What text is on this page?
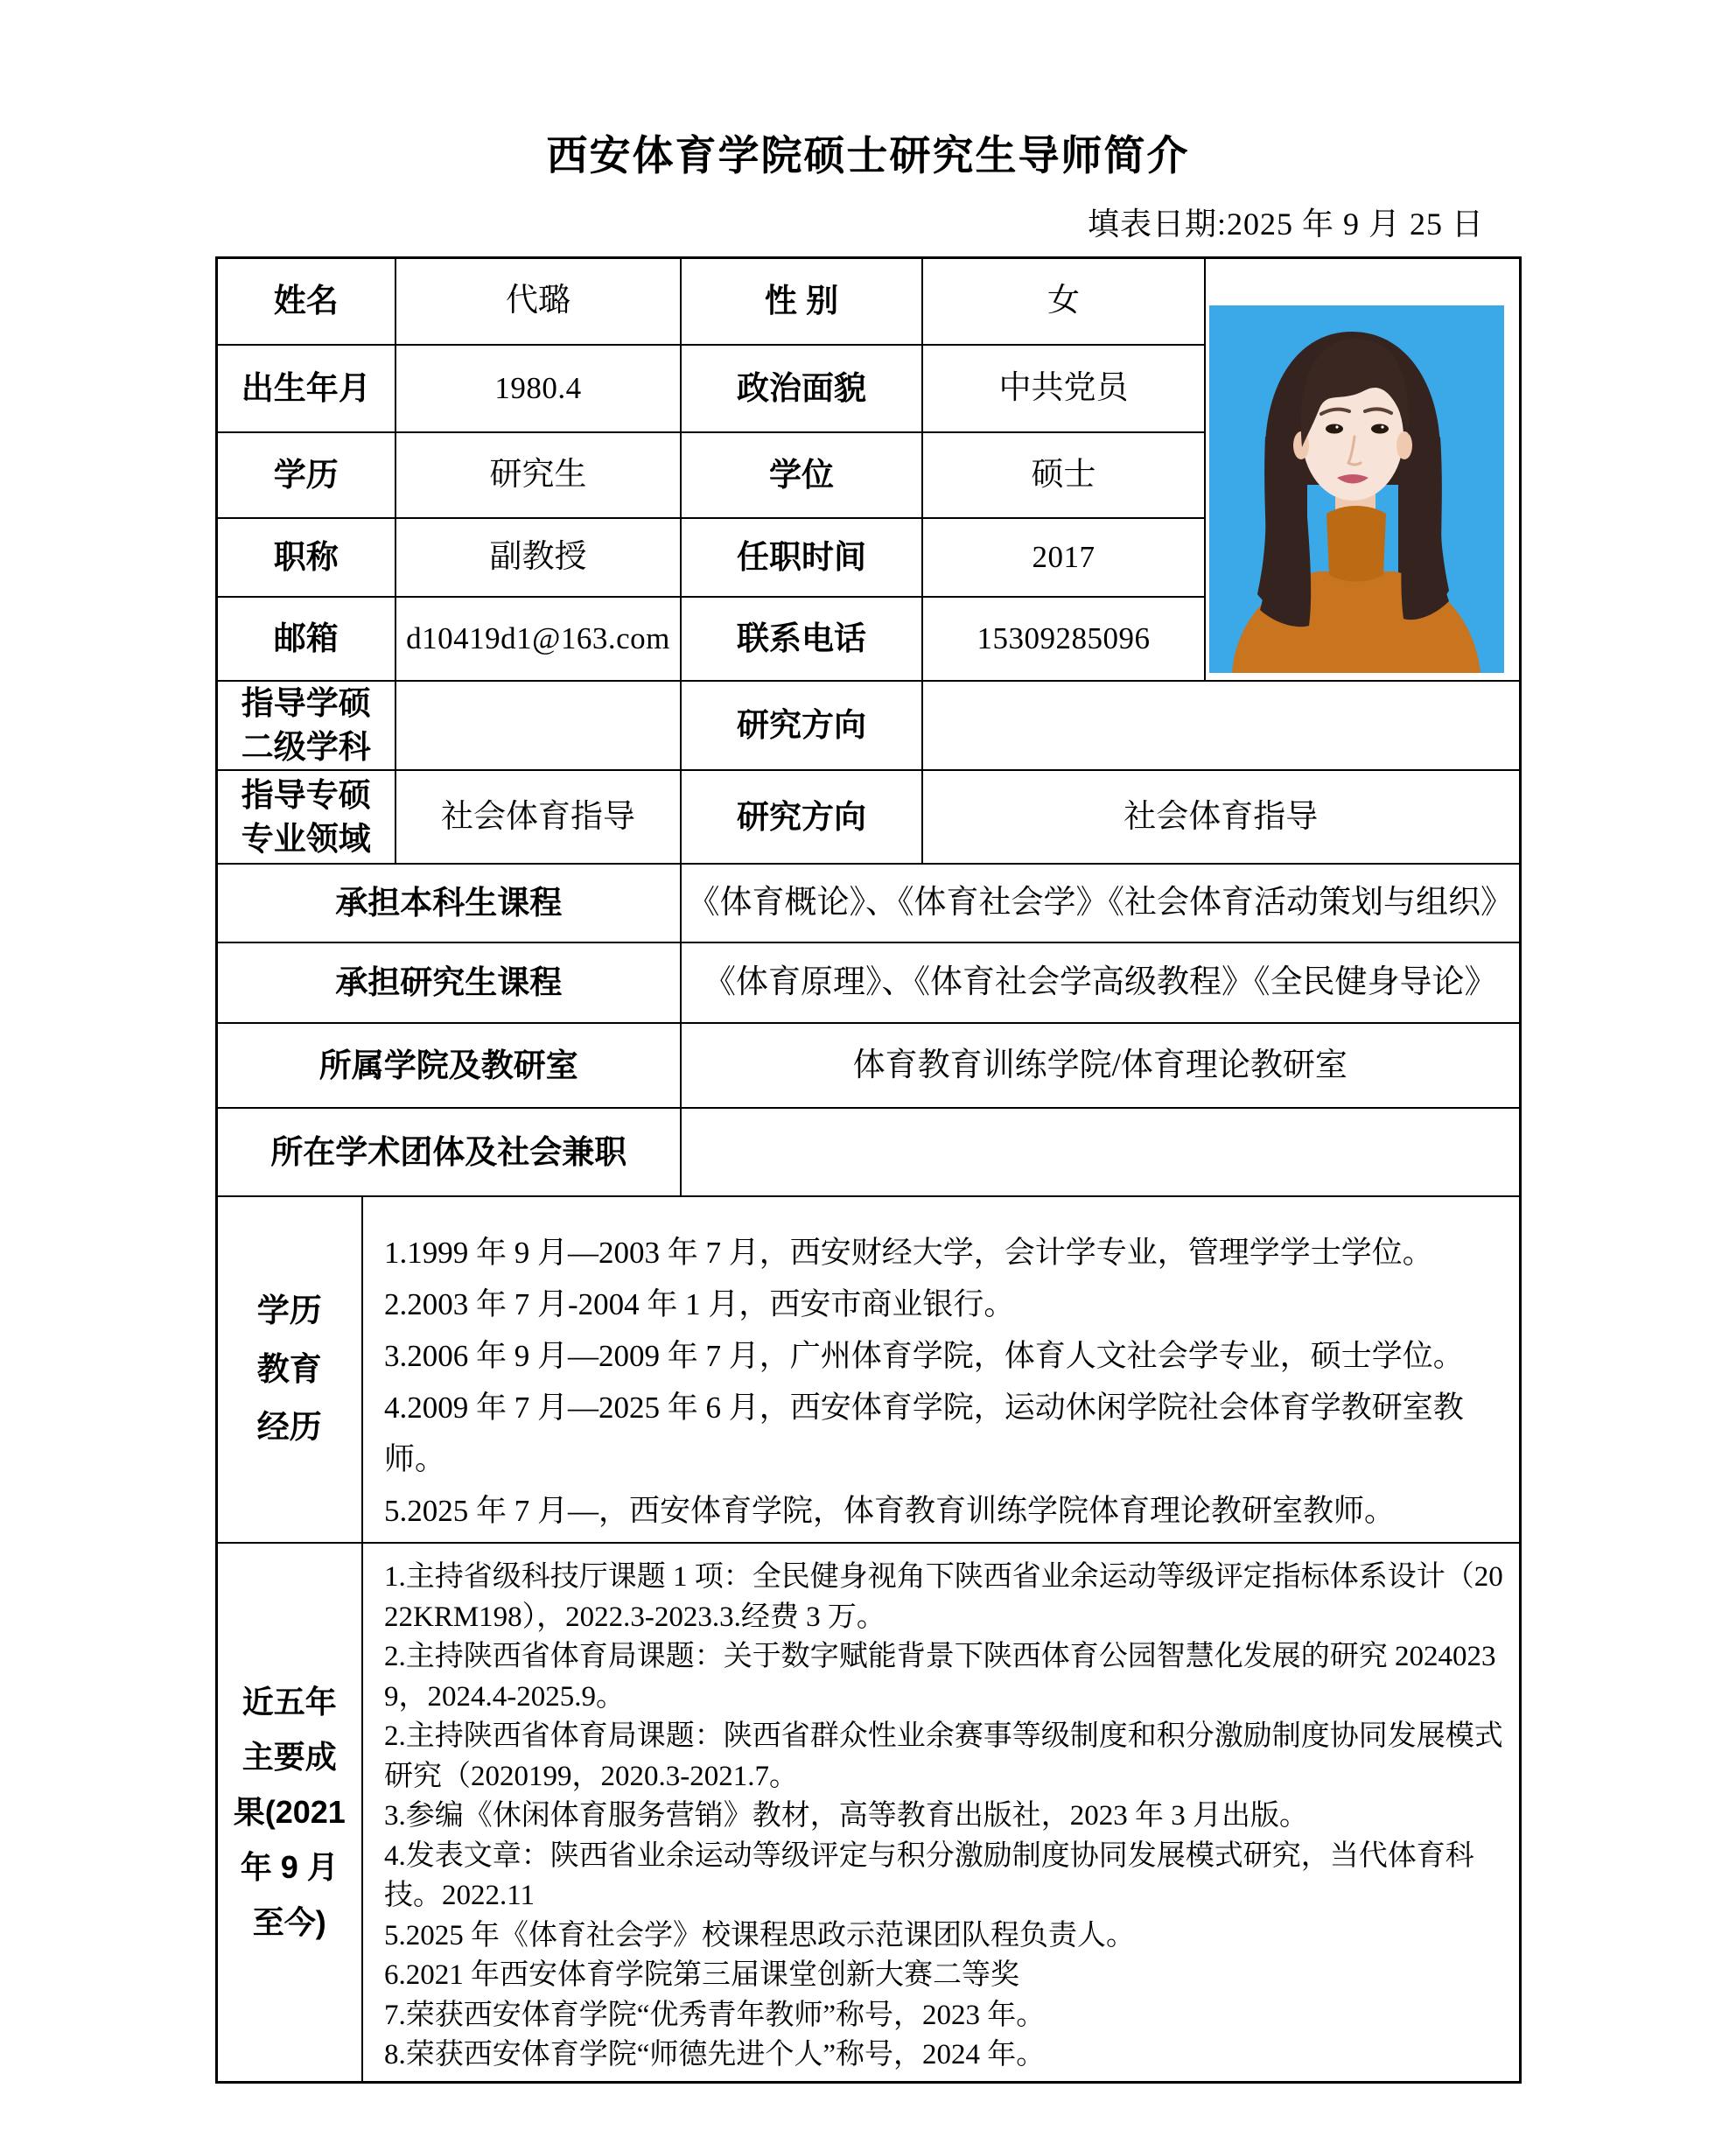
西安体育学院硕士研究生导师简介
填表日期:2025 年 9 月 25 日
姓名		代璐	性 别	女	

出生年月		1980.4	政治面貌	中共党员	
学历		研究生	学位	硕士	
职称		副教授	任职时间	2017	
邮箱		d10419d1@163.com	联系电话	15309285096	

指导学硕
二级学科			研究方向		

指导专硕
专业领域		社会体育指导	研究方向	社会体育指导	
承担本科生课程			《体育概论》、《体育社会学》《社会体育活动策划与组织》		
承担研究生课程			《体育原理》、《体育社会学高级教程》《全民健身导论》		
所属学院及教研室			体育教育训练学院/体育理论教研室		
所在学术团体及社会兼职					

学历
教育
经历

1.1999 年 9 月—2003 年 7 月，西安财经大学，会计学专业，管理学学士学位。
2.2003 年 7 月-2004 年 1 月，西安市商业银行。
3.2006 年 9 月—2009 年 7 月，广州体育学院，体育人文社会学专业，硕士学位。
4.2009 年 7 月—2025 年 6 月，西安体育学院，运动休闲学院社会体育学教研室教师。
5.2025 年 7 月—，西安体育学院，体育教育训练学院体育理论教研室教师。

近五年
主要成
果(2021
年 9 月
至今)

1.主持省级科技厅课题 1 项：全民健身视角下陕西省业余运动等级评定指标体系设计（2022KRM198），2022.3-2023.3.经费 3 万。
2.主持陕西省体育局课题：关于数字赋能背景下陕西体育公园智慧化发展的研究 20240239，2024.4-2025.9。
2.主持陕西省体育局课题：陕西省群众性业余赛事等级制度和积分激励制度协同发展模式研究（2020199，2020.3-2021.7。
3.参编《休闲体育服务营销》教材，高等教育出版社，2023 年 3 月出版。
4.发表文章：陕西省业余运动等级评定与积分激励制度协同发展模式研究，当代体育科技。2022.11
5.2025 年《体育社会学》校课程思政示范课团队程负责人。
6.2021 年西安体育学院第三届课堂创新大赛二等奖
7.荣获西安体育学院“优秀青年教师”称号，2023 年。
8.荣获西安体育学院“师德先进个人”称号，2024 年。
